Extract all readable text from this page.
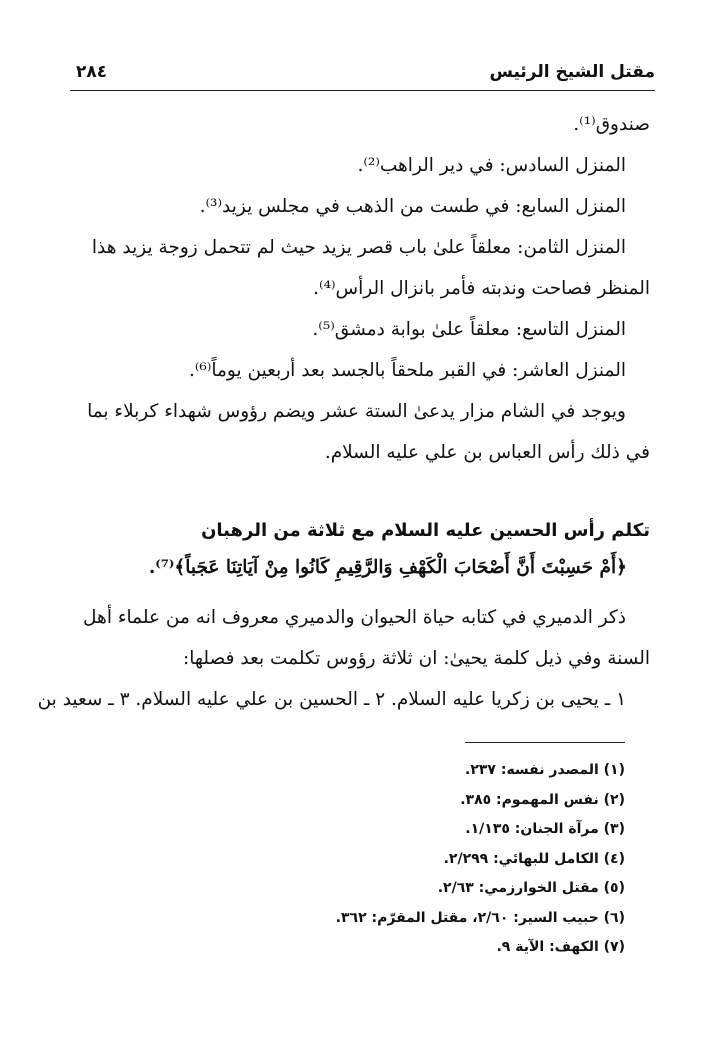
مقتل الشيخ الرئيس
٢٨٤
صندوق⁽¹⁾.
المنزل السادس: في دير الراهب⁽²⁾.
المنزل السابع: في طست من الذهب في مجلس يزيد⁽³⁾.
المنزل الثامن: معلقاً علىٰ باب قصر يزيد حيث لم تتحمل زوجة يزيد هذا
المنظر فصاحت وندبته فأمر بانزال الرأس⁽⁴⁾.
المنزل التاسع: معلقاً علىٰ بوابة دمشق⁽⁵⁾.
المنزل العاشر: في القبر ملحقاً بالجسد بعد أربعين يوماً⁽⁶⁾.
ويوجد في الشام مزار يدعىٰ الستة عشر ويضم رؤوس شهداء كربلاء بما
في ذلك رأس العباس بن علي عليه السلام.
تكلم رأس الحسين عليه السلام مع ثلاثة من الرهبان
﴿أَمْ حَسِبْتَ أَنَّ أَصْحَابَ الْكَهْفِ وَالرَّقِيمِ كَانُوا مِنْ آيَاتِنَا عَجَباً﴾⁽⁷⁾.
ذكر الدميري في كتابه حياة الحيوان والدميري معروف انه من علماء أهل
السنة وفي ذيل كلمة يحيىٰ: ان ثلاثة رؤوس تكلمت بعد فصلها:
١ ـ يحيى بن زكريا عليه السلام. ٢ ـ الحسين بن علي عليه السلام. ٣ ـ سعيد بن
(١) المصدر نفسه: ٢٣٧.
(٢) نفس المهموم: ٣٨٥.
(٣) مرآة الجنان: ١/١٣٥.
(٤) الكامل للبهائي: ٢/٢٩٩.
(٥) مقتل الخوارزمي: ٢/٦٣.
(٦) حبيب السير: ٢/٦٠، مقتل المقرّم: ٣٦٢.
(٧) الكهف: الآية ٩.
